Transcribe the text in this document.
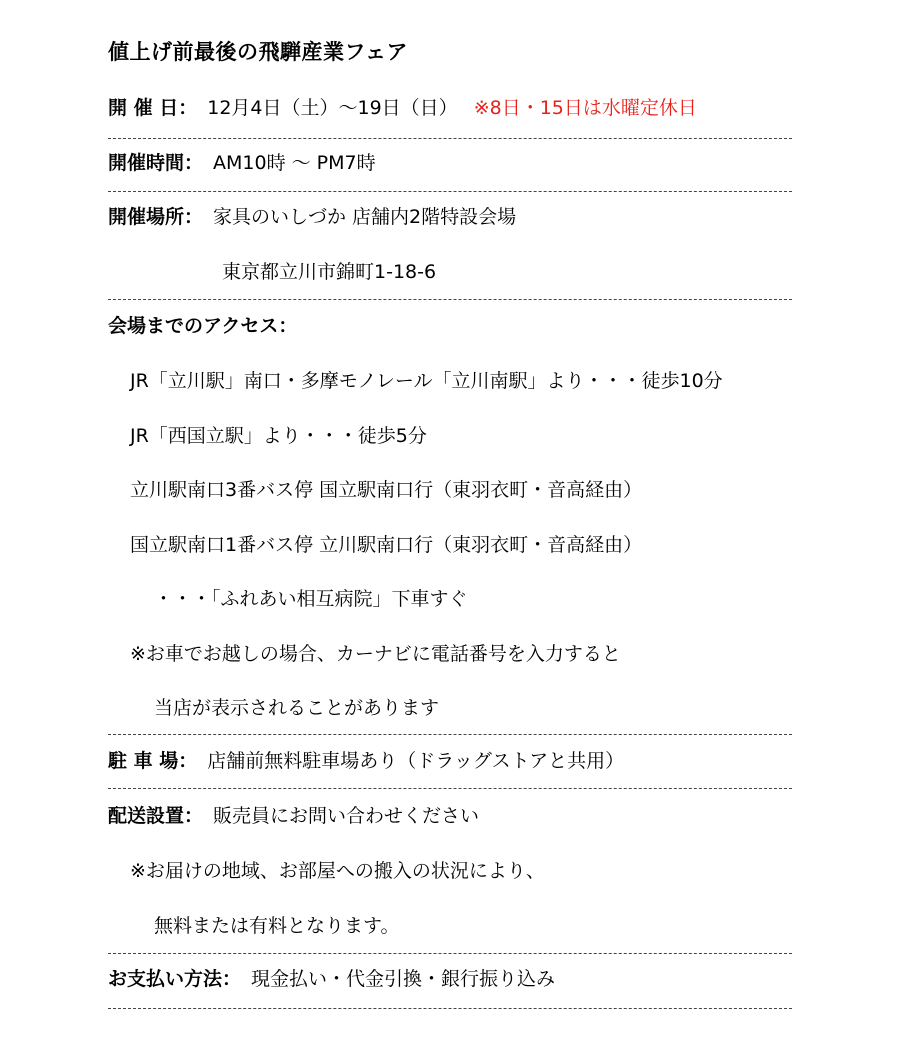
値上げ前最後の飛騨産業フェア
開 催 日： 12月4日（土）～19日（日） ※8日・15日は水曜定休日
開催時間： AM10時 ～ PM7時
開催場所： 家具のいしづか 店舗内2階特設会場
東京都立川市錦町1-18-6
会場までのアクセス：
JR「立川駅」南口・多摩モノレール「立川南駅」より・・・徒歩10分
JR「西国立駅」より・・・徒歩5分
立川駅南口3番バス停 国立駅南口行（東羽衣町・音高経由）
国立駅南口1番バス停 立川駅南口行（東羽衣町・音高経由）
・・・「ふれあい相互病院」下車すぐ
※お車でお越しの場合、カーナビに電話番号を入力すると
当店が表示されることがあります
駐 車 場： 店舗前無料駐車場あり（ドラッグストアと共用）
配送設置： 販売員にお問い合わせください
※お届けの地域、お部屋への搬入の状況により、
無料または有料となります。
お支払い方法： 現金払い・代金引換・銀行振り込み
